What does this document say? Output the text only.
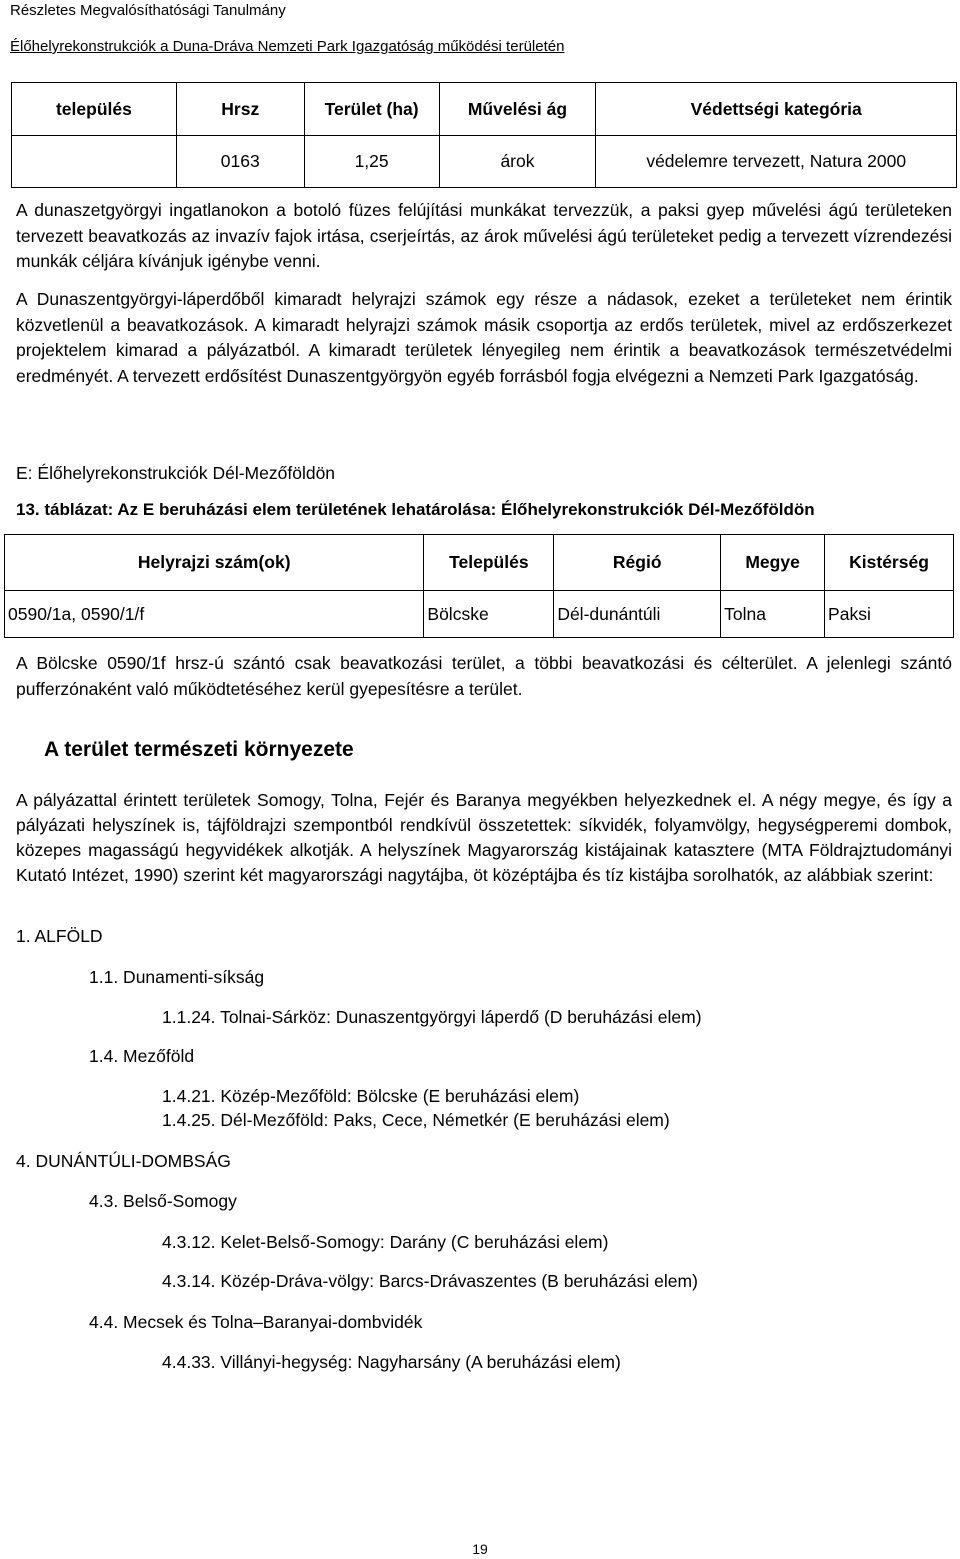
Részletes Megvalósíthatósági Tanulmány
Élőhelyrekonstrukciók a Duna-Dráva Nemzeti Park Igazgatóság működési területén
település	Hrsz	Terület (ha)	Művelési ág	Védettségi kategória
	0163	1,25	árok	védelemre tervezett, Natura 2000
A dunaszetgyörgyi ingatlanokon a botoló füzes felújítási munkákat tervezzük, a paksi gyep művelési ágú területeken tervezett beavatkozás az invazív fajok irtása, cserjeírtás, az árok művelési ágú területeket pedig a tervezett vízrendezési munkák céljára kívánjuk igénybe venni.
A Dunaszentgyörgyi-láperdőből kimaradt helyrajzi számok egy része a nádasok, ezeket a területeket nem érintik közvetlenül a beavatkozások. A kimaradt helyrajzi számok másik csoportja az erdős területek, mivel az erdőszerkezet projektelem kimarad a pályázatból. A kimaradt területek lényegileg nem érintik a beavatkozások természetvédelmi eredményét. A tervezett erdősítést Dunaszentgyörgyön egyéb forrásból fogja elvégezni a Nemzeti Park Igazgatóság.
E: Élőhelyrekonstrukciók Dél-Mezőföldön
13. táblázat: Az E beruházási elem területének lehatárolása: Élőhelyrekonstrukciók Dél-Mezőföldön
Helyrajzi szám(ok)	Település	Régió	Megye	Kistérség
0590/1a, 0590/1/f	Bölcske	Dél-dunántúli	Tolna	Paksi
A Bölcske 0590/1f hrsz-ú szántó csak beavatkozási terület, a többi beavatkozási és célterület. A jelenlegi szántó pufferzónaként való működtetéséhez kerül gyepesítésre a terület.
A terület természeti környezete
A pályázattal érintett területek Somogy, Tolna, Fejér és Baranya megyékben helyezkednek el. A négy megye, és így a pályázati helyszínek is, tájföldrajzi szempontból rendkívül összetettek: síkvidék, folyamvölgy, hegységperemi dombok, közepes magasságú hegyvidékek alkotják. A helyszínek Magyarország kistájainak katasztere (MTA Földrajztudományi Kutató Intézet, 1990) szerint két magyarországi nagytájba, öt középtájba és tíz kistájba sorolhatók, az alábbiak szerint:
1. ALFÖLD
1.1. Dunamenti-síkság
1.1.24. Tolnai-Sárköz: Dunaszentgyörgyi láperdő (D beruházási elem)
1.4. Mezőföld
1.4.21. Közép-Mezőföld: Bölcske (E beruházási elem)
1.4.25. Dél-Mezőföld: Paks, Cece, Németkér (E beruházási elem)
4. DUNÁNTÚLI-DOMBSÁG
4.3. Belső-Somogy
4.3.12. Kelet-Belső-Somogy: Darány (C beruházási elem)
4.3.14. Közép-Dráva-völgy: Barcs-Drávaszentes (B beruházási elem)
4.4. Mecsek és Tolna–Baranyai-dombvidék
4.4.33. Villányi-hegység: Nagyharsány (A beruházási elem)
19
